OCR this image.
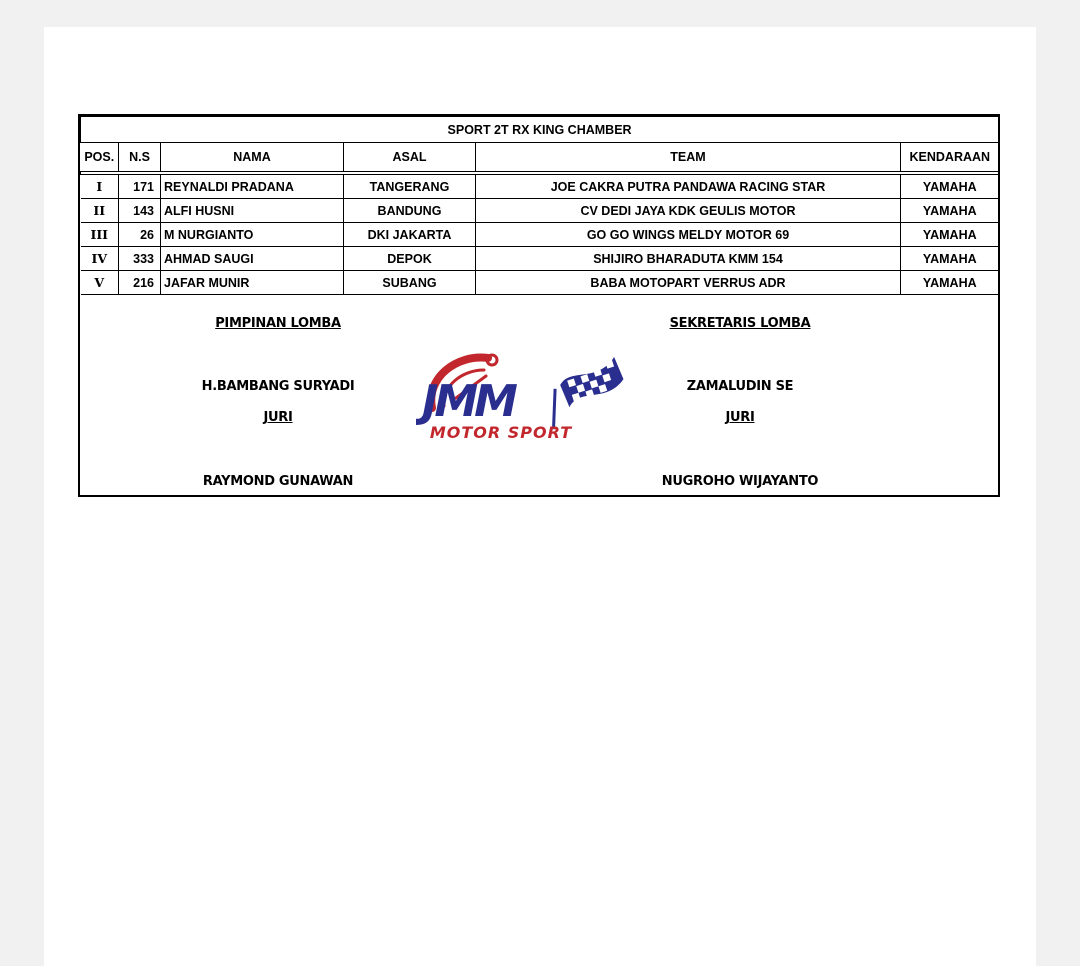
SPORT 2T RX KING CHAMBER					
POS.	N.S	NAMA	ASAL	TEAM	KENDARAAN

I	171	REYNALDI PRADANA	TANGERANG	JOE CAKRA PUTRA PANDAWA RACING STAR	YAMAHA
II	143	ALFI HUSNI	BANDUNG	CV DEDI JAYA KDK GEULIS MOTOR	YAMAHA
III	26	M NURGIANTO	DKI JAKARTA	GO GO WINGS MELDY MOTOR 69	YAMAHA
IV	333	AHMAD SAUGI	DEPOK	SHIJIRO BHARADUTA KMM 154	YAMAHA
V	216	JAFAR MUNIR	SUBANG	BABA MOTOPART VERRUS ADR	YAMAHA
PIMPINAN LOMBA
H.BAMBANG SURYADI
JURI
RAYMOND GUNAWAN
SEKRETARIS LOMBA
ZAMALUDIN SE
JURI
NUGROHO WIJAYANTO
JMM
MOTOR SPORT
